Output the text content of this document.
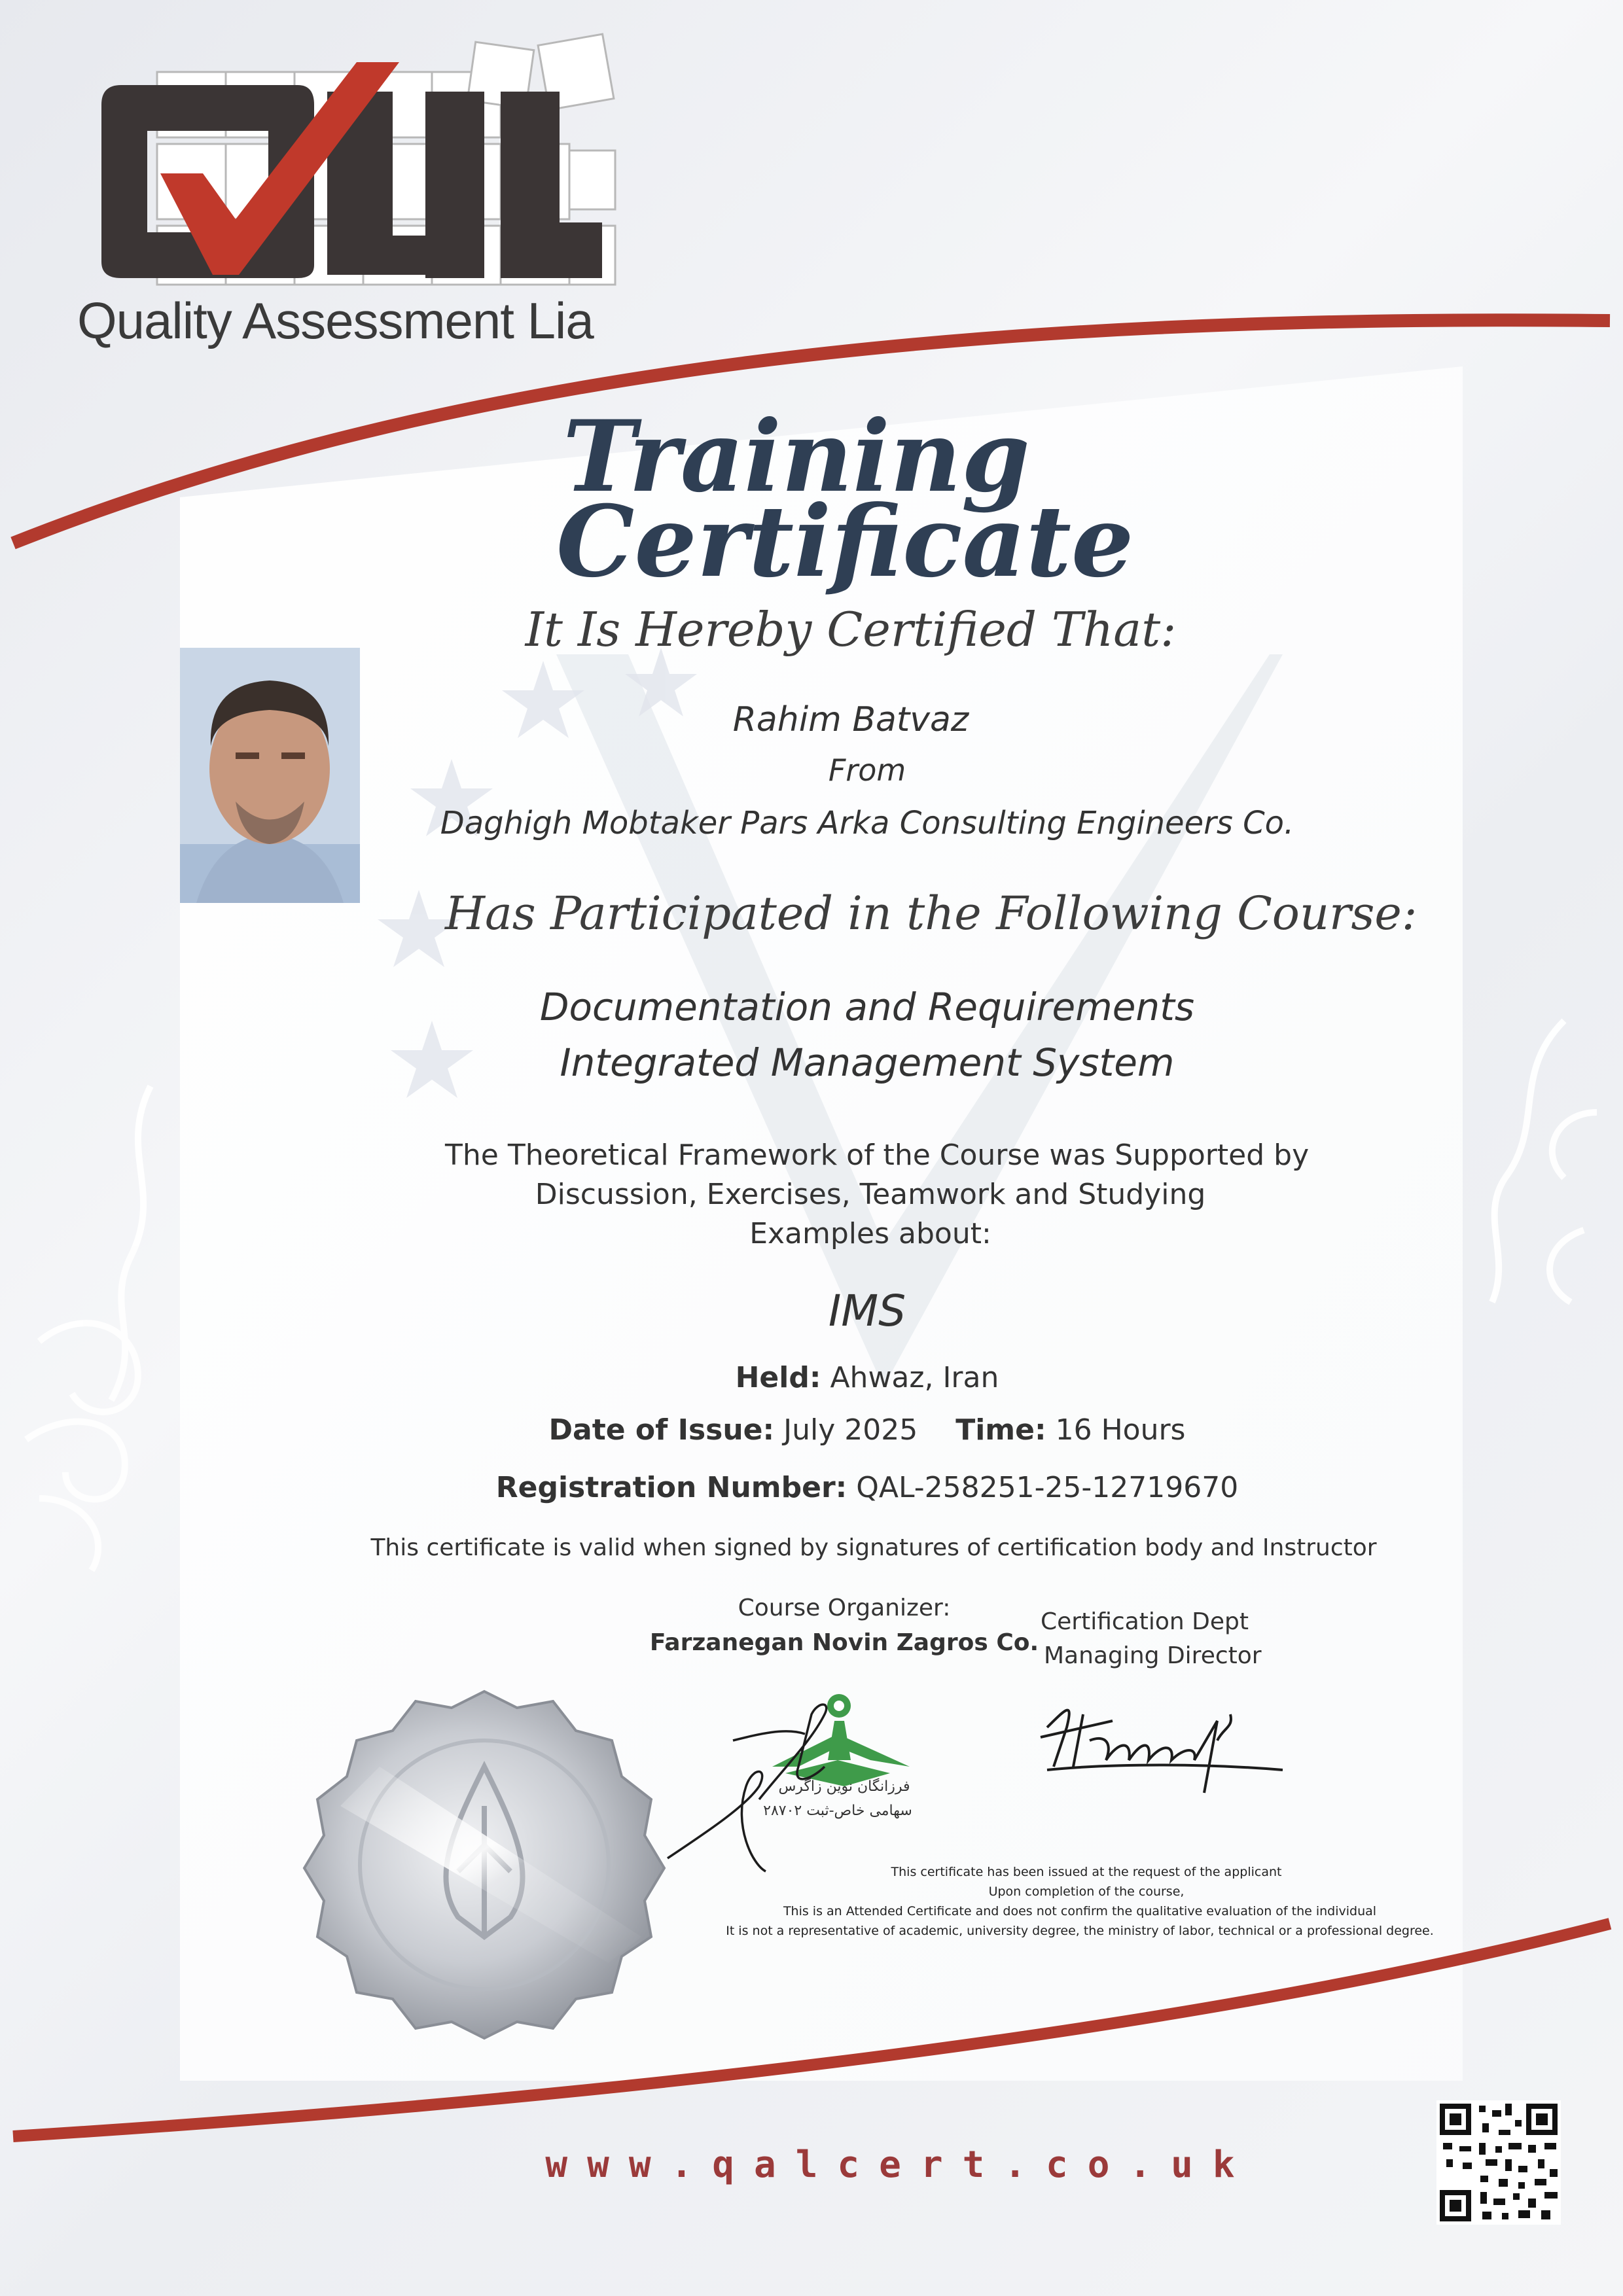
Quality Assessment Lia
Training
Certificate
It Is Hereby Certified That:
Rahim Batvaz
From
Daghigh Mobtaker Pars Arka Consulting Engineers Co.
Has Participated in the Following Course:
Documentation and Requirements
Integrated Management System
The Theoretical Framework of the Course was Supported by
Discussion, Exercises, Teamwork and Studying
Examples about:
IMS
Held: Ahwaz, Iran
Date of Issue: July 2025 Time: 16 Hours
Registration Number: QAL-258251-25-12719670
This certificate is valid when signed by signatures of certification body and Instructor
Course Organizer:
Farzanegan Novin Zagros Co.
Certification Dept
Managing Director
فرزانگان نوین زاگرس
سهامی خاص-ثبت ۲۸۷۰۲
This certificate has been issued at the request of the applicant
Upon completion of the course,
This is an Attended Certificate and does not confirm the qualitative evaluation of the individual
It is not a representative of academic, university degree, the ministry of labor, technical or a professional degree.
www.qalcert.co.uk
